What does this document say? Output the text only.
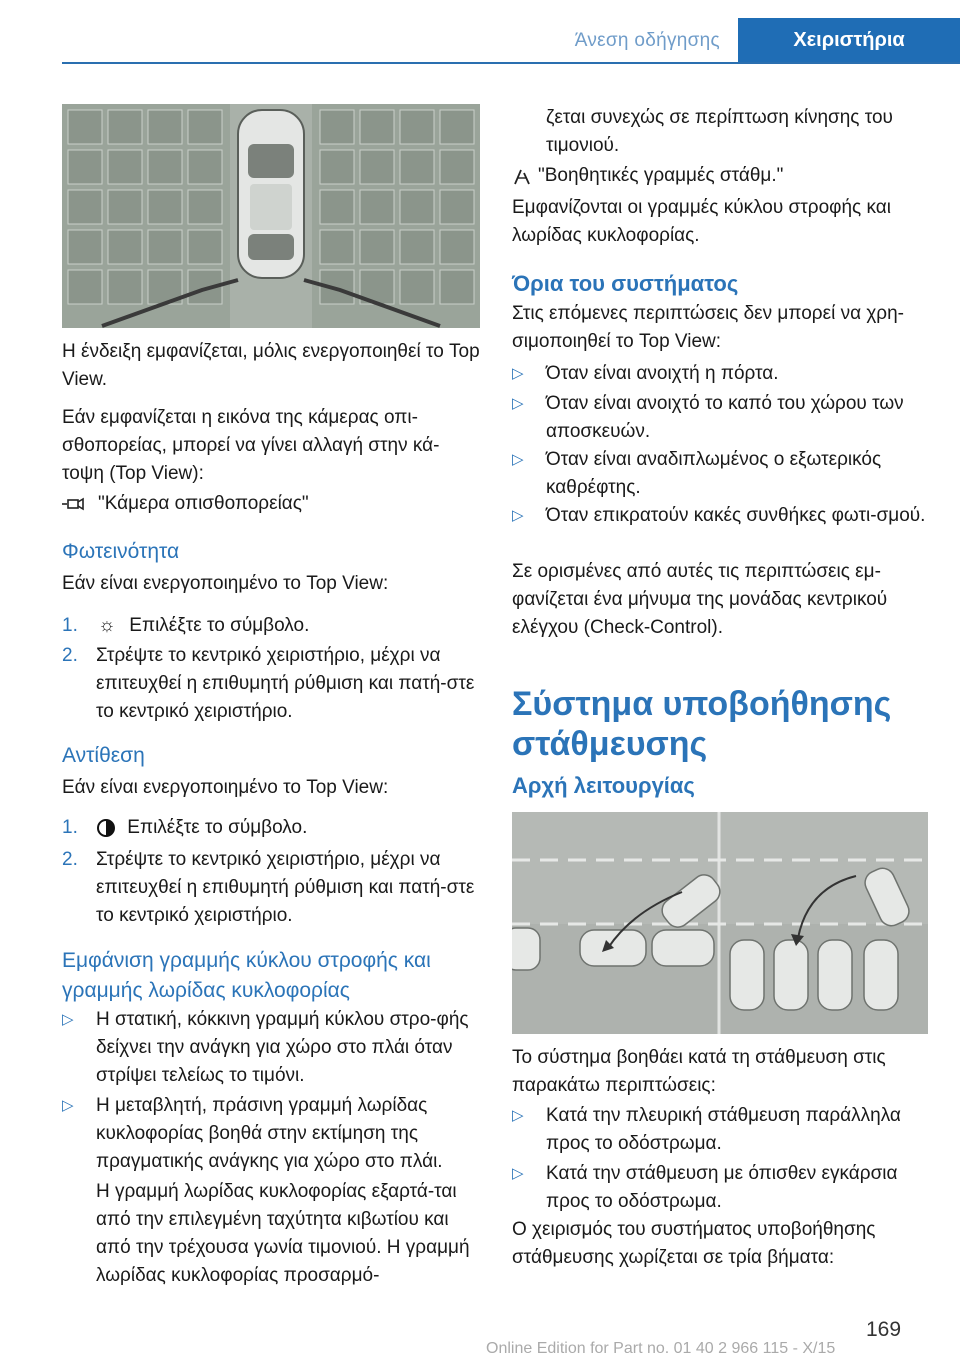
Άνεση οδήγησης	Χειριστήρια

Η ένδειξη εμφανίζεται, μόλις ενεργοποιηθεί το Top View.

Εάν εμφανίζεται η εικόνα της κάμερας οπι‐σθοπορείας, μπορεί να γίνει αλλαγή στην κά‐τοψη (Top View):

"Κάμερα οπισθοπορείας"
Φωτεινότητα

Εάν είναι ενεργοποιημένο το Top View:

1. ☼ Επιλέξτε το σύμβολο.
2. Στρέψτε το κεντρικό χειριστήριο, μέχρι να επιτευχθεί η επιθυμητή ρύθμιση και πατή‐στε το κεντρικό χειριστήριο.
Αντίθεση

Εάν είναι ενεργοποιημένο το Top View:

1.	Επιλέξτε το σύμβολο.
2. Στρέψτε το κεντρικό χειριστήριο, μέχρι να επιτευχθεί η επιθυμητή ρύθμιση και πατή‐στε το κεντρικό χειριστήριο.
Εμφάνιση γραμμής κύκλου στροφής και γραμμής λωρίδας κυκλοφορίας
▷ Η στατική, κόκκινη γραμμή κύκλου στρο‐φής δείχνει την ανάγκη για χώρο στο πλάι όταν στρίψει τελείως το τιμόνι.
▷ Η μεταβλητή, πράσινη γραμμή λωρίδας κυκλοφορίας βοηθά στην εκτίμηση της πραγματικής ανάγκης για χώρο στο πλάι.

Η γραμμή λωρίδας κυκλοφορίας εξαρτά‐ται από την επιλεγμένη ταχύτητα κιβωτίου και από την τρέχουσα γωνία τιμονιού. Η γραμμή λωρίδας κυκλοφορίας προσαρμό‐

ζεται συνεχώς σε περίπτωση κίνησης του τιμονιού.

"Βοηθητικές γραμμές στάθμ."

Εμφανίζονται οι γραμμές κύκλου στροφής και λωρίδας κυκλοφορίας.

Όρια του συστήματος

Στις επόμενες περιπτώσεις δεν μπορεί να χρη‐σιμοποιηθεί το Top View:

▷ Όταν είναι ανοιχτή η πόρτα.
▷ Όταν είναι ανοιχτό το καπό του χώρου των αποσκευών.
▷ Όταν είναι αναδιπλωμένος ο εξωτερικός καθρέφτης.
▷ Όταν επικρατούν κακές συνθήκες φωτι‐σμού.

Σε ορισμένες από αυτές τις περιπτώσεις εμ‐φανίζεται ένα μήνυμα της μονάδας κεντρικού ελέγχου (Check-Control).

Σύστημα υποβοήθησης στάθμευσης
Αρχή λειτουργίας

Το σύστημα βοηθάει κατά τη στάθμευση στις παρακάτω περιπτώσεις:

▷ Κατά την πλευρική στάθμευση παράλληλα προς το οδόστρωμα.
▷ Κατά την στάθμευση με όπισθεν εγκάρσια προς το οδόστρωμα.

Ο χειρισμός του συστήματος υποβοήθησης στάθμευσης χωρίζεται σε τρία βήματα:

169
Online Edition for Part no. 01 40 2 966 115 - X/15
